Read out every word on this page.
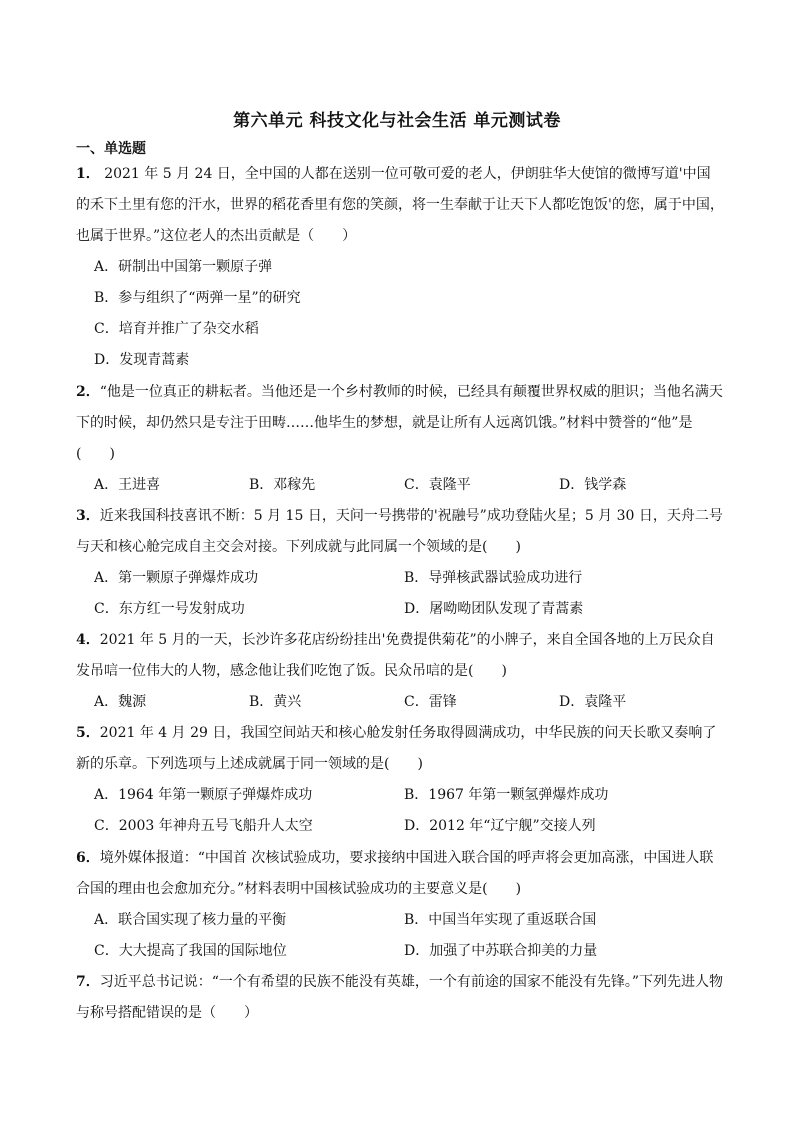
第六单元 科技文化与社会生活 单元测试卷
一、单选题
1． 2021 年 5 月 24 日，全中国的人都在送别一位可敬可爱的老人，伊朗驻华大使馆的微博写道'中国的禾下土里有您的汗水，世界的稻花香里有您的笑颜，将一生奉献于让天下人都吃饱饭'的您，属于中国，也属于世界。”这位老人的杰出贡献是（　　）
A．研制出中国第一颗原子弹
B．参与组织了“两弹一星”的研究
C．培育并推广了杂交水稻
D．发现青蒿素
2．“他是一位真正的耕耘者。当他还是一个乡村教师的时候，已经具有颠覆世界权威的胆识；当他名满天下的时候，却仍然只是专注于田畴……他毕生的梦想，就是让所有人远离饥饿。”材料中赞誉的“他”是(　　)
A．王进喜	B．邓稼先	C．袁隆平	D．钱学森
3．近来我国科技喜讯不断：5 月 15 日，天问一号携带的'祝融号”成功登陆火星；5 月 30 日，天舟二号与天和核心舱完成自主交会对接。下列成就与此同属一个领域的是(　　)
A．第一颗原子弹爆炸成功	B．导弹核武器试验成功进行
C．东方红一号发射成功	D．屠呦呦团队发现了青蒿素
4．2021 年 5 月的一天，长沙许多花店纷纷挂出'免费提供菊花”的小牌子，来自全国各地的上万民众自发吊唁一位伟大的人物，感念他让我们吃饱了饭。民众吊唁的是(　　)
A．魏源	B．黄兴	C．雷锋	D．袁隆平
5．2021 年 4 月 29 日，我国空间站天和核心舱发射任务取得圆满成功，中华民族的问天长歌又奏响了新的乐章。下列选项与上述成就属于同一领域的是(　　)
A．1964 年第一颗原子弹爆炸成功	B．1967 年第一颗氢弹爆炸成功
C．2003 年神舟五号飞船升人太空	D．2012 年“辽宁舰”交接人列
6．境外媒体报道：“中国首 次核试验成功，要求接纳中国进入联合国的呼声将会更加高涨，中国进人联合国的理由也会愈加充分。”材料表明中国核试验成功的主要意义是(　　)
A．联合国实现了核力量的平衡	B．中国当年实现了重返联合国
C．大大提高了我国的国际地位	D．加强了中苏联合抑美的力量
7．习近平总书记说：“一个有希望的民族不能没有英雄，一个有前途的国家不能没有先锋。”下列先进人物与称号搭配错误的是（　　）
